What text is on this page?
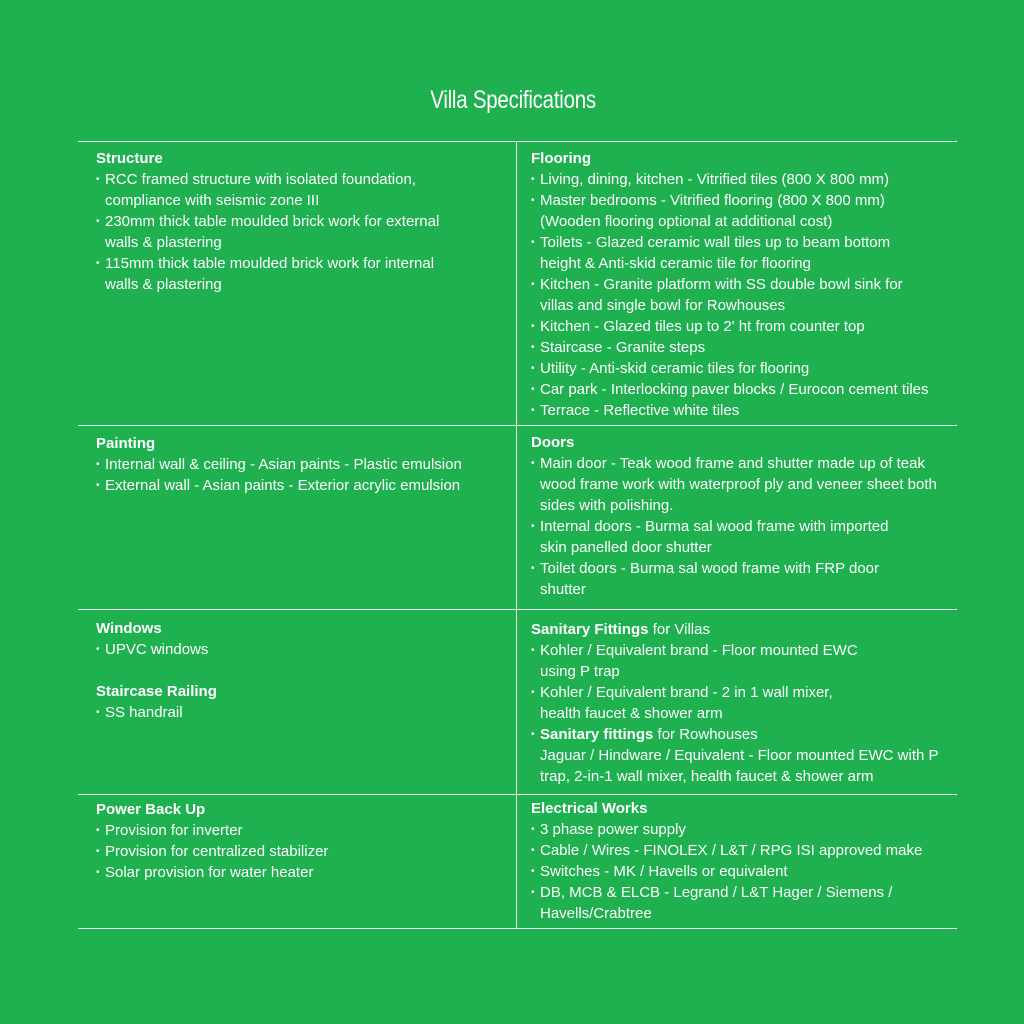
Villa Specifications
Structure
• RCC framed structure with isolated foundation,
compliance with seismic zone III
• 230mm thick table moulded brick work for external
walls & plastering
• 115mm thick table moulded brick work for internal
walls & plastering
Flooring
• Living, dining, kitchen - Vitrified tiles (800 X 800 mm)
• Master bedrooms - Vitrified flooring (800 X 800 mm)
(Wooden flooring optional at additional cost)
• Toilets - Glazed ceramic wall tiles up to beam bottom
height & Anti-skid ceramic tile for flooring
• Kitchen - Granite platform with SS double bowl sink for
villas and single bowl for Rowhouses
• Kitchen - Glazed tiles up to 2' ht from counter top
• Staircase - Granite steps
• Utility - Anti-skid ceramic tiles for flooring
• Car park - Interlocking paver blocks / Eurocon cement tiles
• Terrace - Reflective white tiles
Painting
• Internal wall & ceiling - Asian paints - Plastic emulsion
• External wall - Asian paints - Exterior acrylic emulsion
Doors
• Main door - Teak wood frame and shutter made up of teak
wood frame work with waterproof ply and veneer sheet both
sides with polishing.
• Internal doors - Burma sal wood frame with imported
skin panelled door shutter
• Toilet doors - Burma sal wood frame with FRP door
shutter
Windows
• UPVC windows
Staircase Railing
• SS handrail
Sanitary Fittings for Villas
• Kohler / Equivalent brand - Floor mounted EWC
using P trap
• Kohler / Equivalent brand - 2 in 1 wall mixer,
health faucet & shower arm
• Sanitary fittings for Rowhouses
Jaguar / Hindware / Equivalent - Floor mounted EWC with P
trap, 2-in-1 wall mixer, health faucet & shower arm
Power Back Up
• Provision for inverter
• Provision for centralized stabilizer
• Solar provision for water heater
Electrical Works
• 3 phase power supply
• Cable / Wires - FINOLEX / L&T / RPG ISI approved make
• Switches - MK / Havells or equivalent
• DB, MCB & ELCB - Legrand / L&T Hager / Siemens /
Havells/Crabtree
